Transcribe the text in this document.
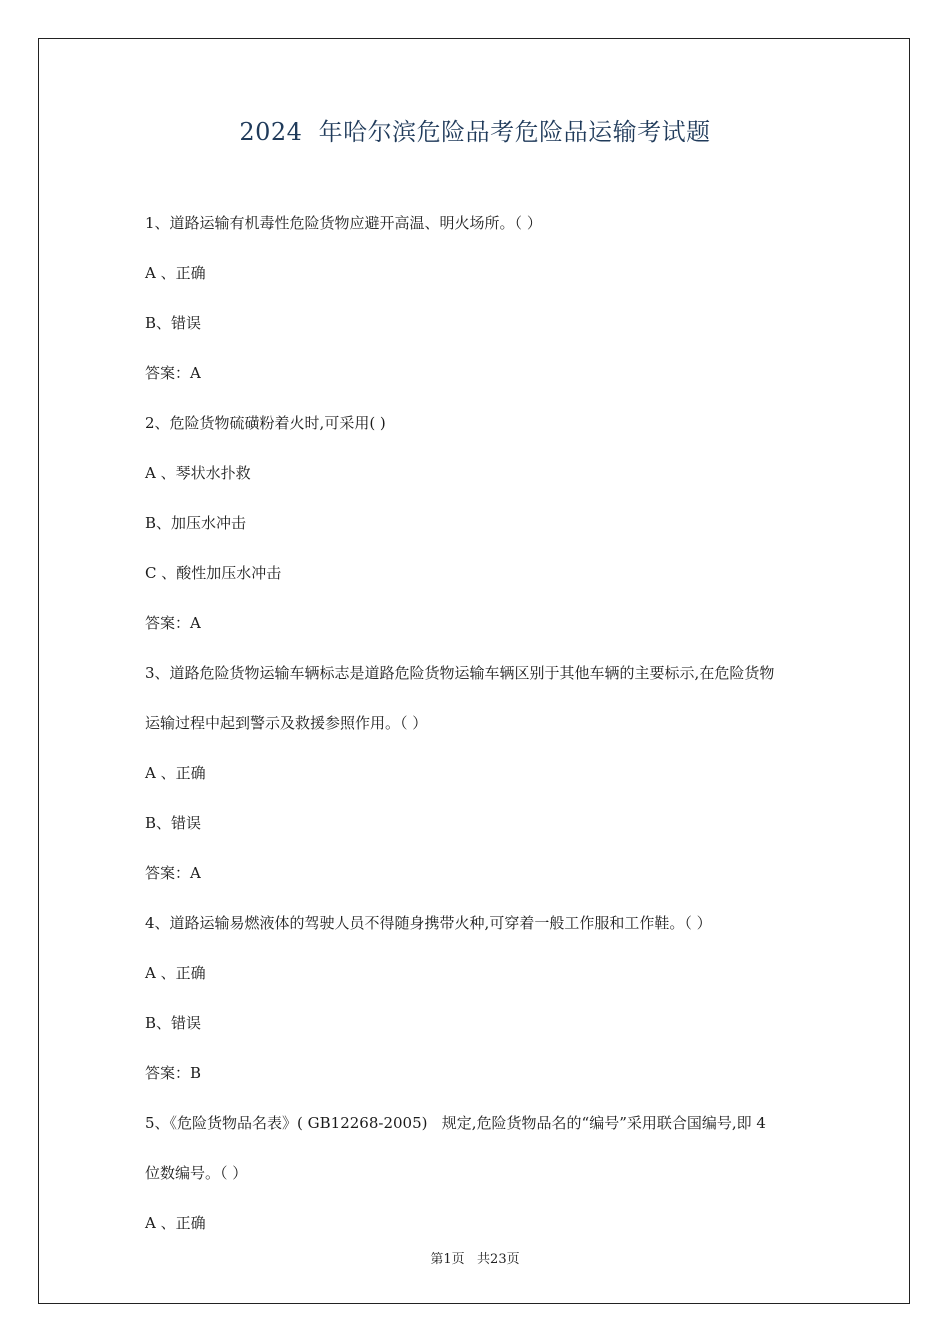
2024  年哈尔滨危险品考危险品运输考试题

1、道路运输有机毒性危险货物应避开高温、明火场所。（ ）

A 、正确

B、错误

答案：A

2、危险货物硫磺粉着火时,可采用( )

A 、琴状水扑救

B、加压水冲击

C 、酸性加压水冲击

答案：A

3、道路危险货物运输车辆标志是道路危险货物运输车辆区别于其他车辆的主要标示,在危险货物

运输过程中起到警示及救援参照作用。（ ）

A 、正确

B、错误

答案：A

4、道路运输易燃液体的驾驶人员不得随身携带火种,可穿着一般工作服和工作鞋。（ ）

A 、正确

B、错误

答案：B

5、《危险货物品名表》( GB12268-2005)   规定,危险货物品名的“编号”采用联合国编号,即 4

位数编号。（ ）

A 、正确

第1页   共23页
